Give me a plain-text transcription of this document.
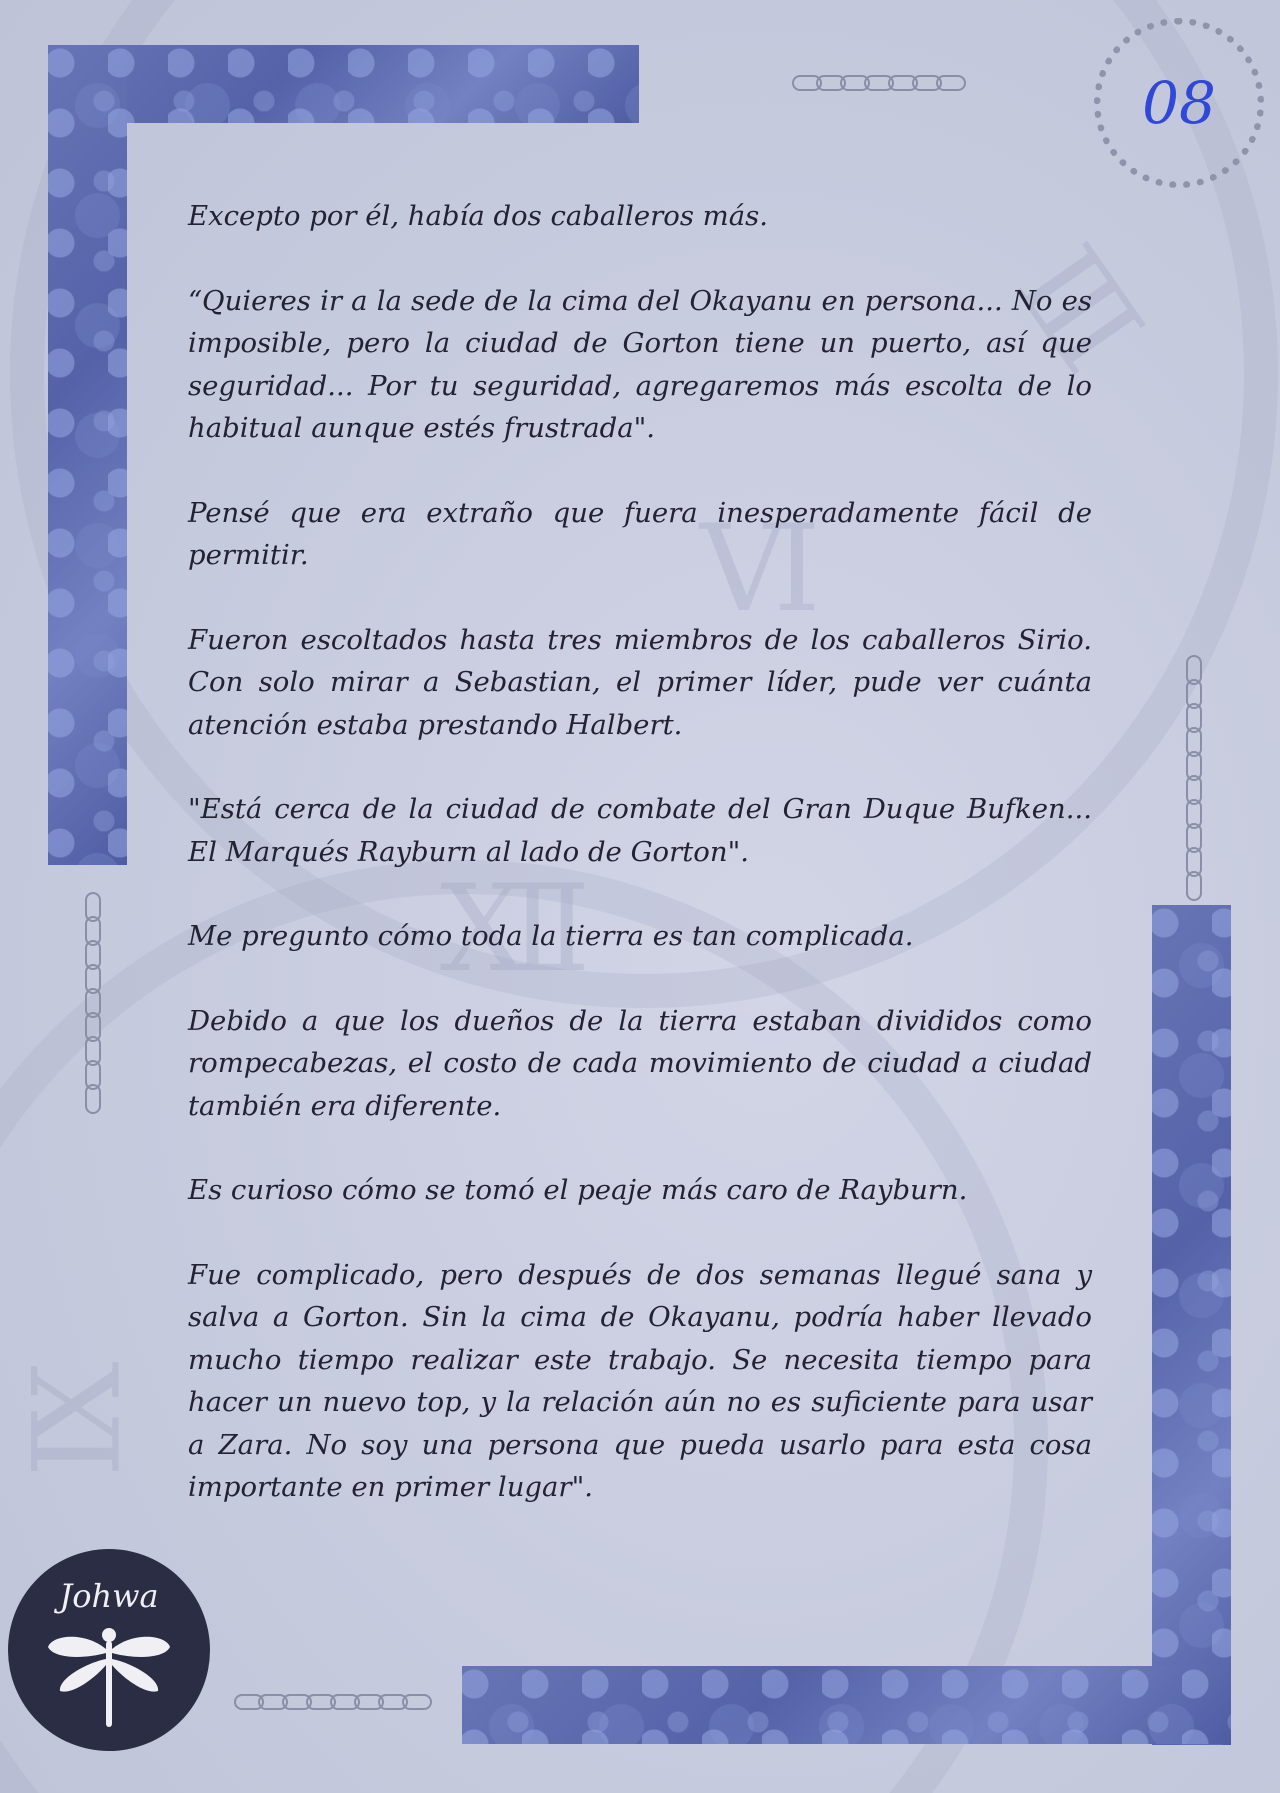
Ⅲ
Ⅵ
Ⅻ
Ⅸ
08

Excepto por él, había dos caballeros más.

“Quieres ir a la sede de la cima del Okayanu en persona... No es imposible, pero la ciudad de Gorton tiene un puerto, así que seguridad... Por tu seguridad, agregaremos más escolta de lo habitual aunque estés frustrada".

Pensé que era extraño que fuera inesperadamente fácil de permitir.

Fueron escoltados hasta tres miembros de los caballeros Sirio. Con solo mirar a Sebastian, el primer líder, pude ver cuánta atención estaba prestando Halbert.

"Está cerca de la ciudad de combate del Gran Duque Bufken... El Marqués Rayburn al lado de Gorton".

Me pregunto cómo toda la tierra es tan complicada.

Debido a que los dueños de la tierra estaban divididos como rompecabezas, el costo de cada movimiento de ciudad a ciudad también era diferente.

Es curioso cómo se tomó el peaje más caro de Rayburn.

Fue complicado, pero después de dos semanas llegué sana y salva a Gorton. Sin la cima de Okayanu, podría haber llevado mucho tiempo realizar este trabajo. Se necesita tiempo para hacer un nuevo top, y la relación aún no es suficiente para usar a Zara. No soy una persona que pueda usarlo para esta cosa importante en primer lugar".

Johwa
